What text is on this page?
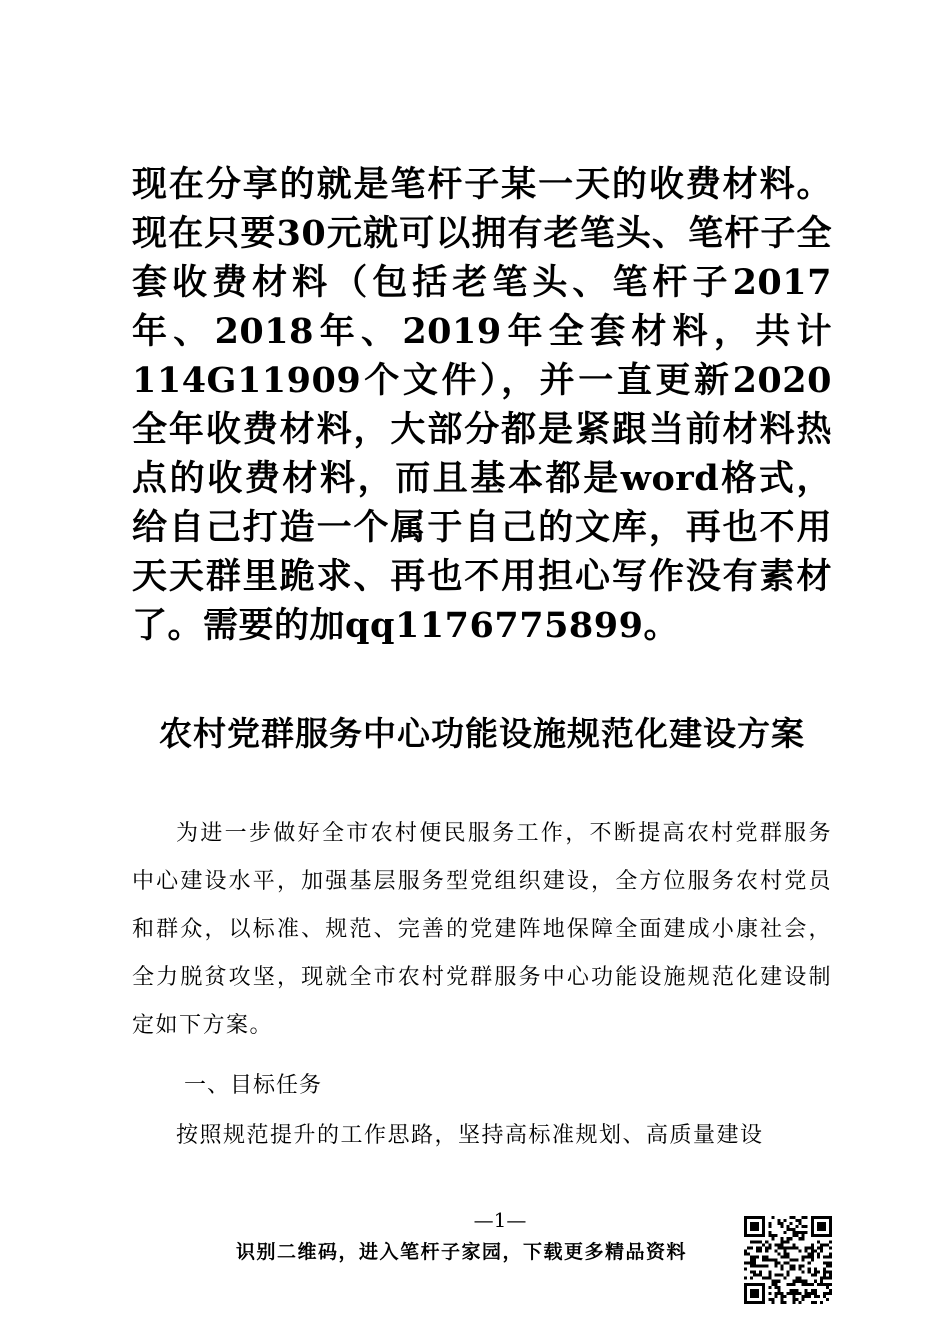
现在分享的就是笔杆子某一天的收费材料。现在只要30元就可以拥有老笔头、笔杆子全套收费材料（包括老笔头、笔杆子2017年、2018年、2019年全套材料，共计114G11909个文件），并一直更新2020全年收费材料，大部分都是紧跟当前材料热点的收费材料，而且基本都是word格式，给自己打造一个属于自己的文库，再也不用天天群里跪求、再也不用担心写作没有素材了。需要的加qq1176775899。
农村党群服务中心功能设施规范化建设方案

为进一步做好全市农村便民服务工作，不断提高农村党群服务中心建设水平，加强基层服务型党组织建设，全方位服务农村党员和群众，以标准、规范、完善的党建阵地保障全面建成小康社会，全力脱贫攻坚，现就全市农村党群服务中心功能设施规范化建设制定如下方案。

一、目标任务

按照规范提升的工作思路，坚持高标准规划、高质量建设

—1—
识别二维码，进入笔杆子家园，下载更多精品资料
